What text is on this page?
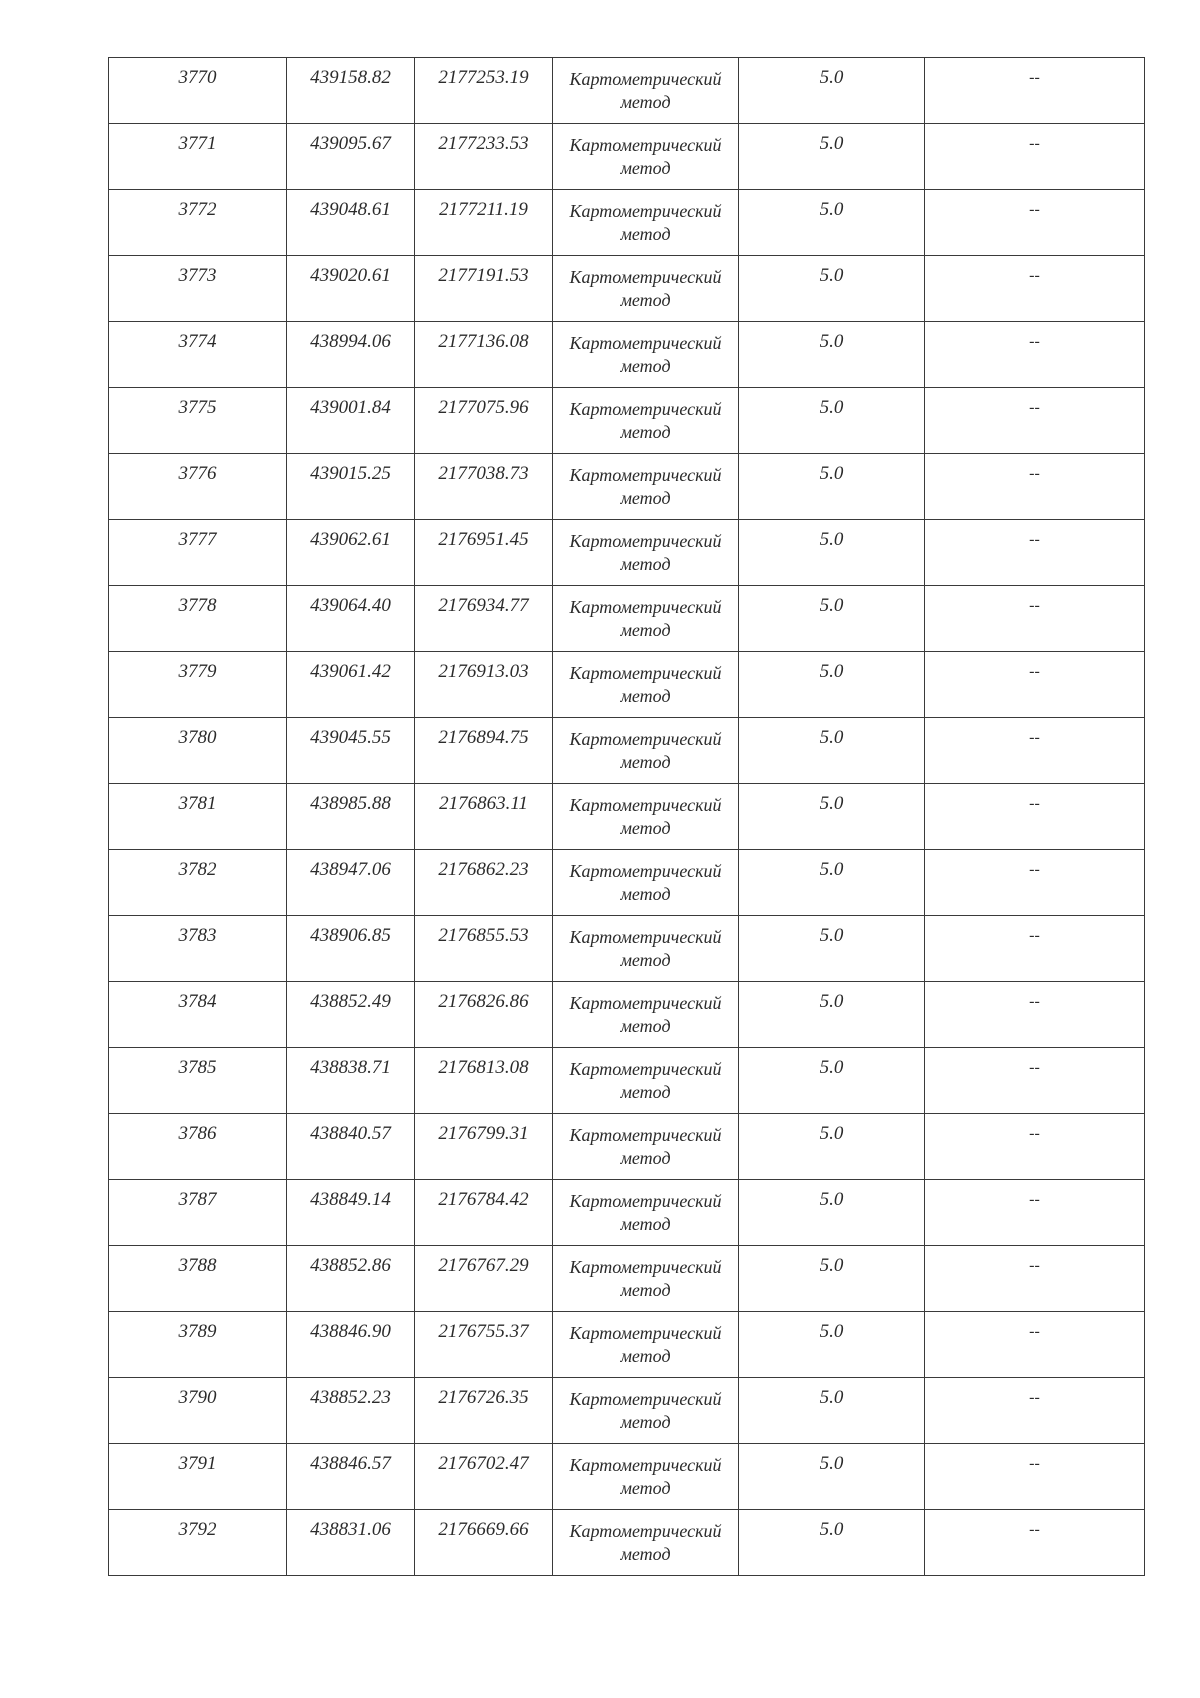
3770	439158.82	2177253.19	Картометрический метод	5.0	--
3771	439095.67	2177233.53	Картометрический метод	5.0	--
3772	439048.61	2177211.19	Картометрический метод	5.0	--
3773	439020.61	2177191.53	Картометрический метод	5.0	--
3774	438994.06	2177136.08	Картометрический метод	5.0	--
3775	439001.84	2177075.96	Картометрический метод	5.0	--
3776	439015.25	2177038.73	Картометрический метод	5.0	--
3777	439062.61	2176951.45	Картометрический метод	5.0	--
3778	439064.40	2176934.77	Картометрический метод	5.0	--
3779	439061.42	2176913.03	Картометрический метод	5.0	--
3780	439045.55	2176894.75	Картометрический метод	5.0	--
3781	438985.88	2176863.11	Картометрический метод	5.0	--
3782	438947.06	2176862.23	Картометрический метод	5.0	--
3783	438906.85	2176855.53	Картометрический метод	5.0	--
3784	438852.49	2176826.86	Картометрический метод	5.0	--
3785	438838.71	2176813.08	Картометрический метод	5.0	--
3786	438840.57	2176799.31	Картометрический метод	5.0	--
3787	438849.14	2176784.42	Картометрический метод	5.0	--
3788	438852.86	2176767.29	Картометрический метод	5.0	--
3789	438846.90	2176755.37	Картометрический метод	5.0	--
3790	438852.23	2176726.35	Картометрический метод	5.0	--
3791	438846.57	2176702.47	Картометрический метод	5.0	--
3792	438831.06	2176669.66	Картометрический метод	5.0	--
